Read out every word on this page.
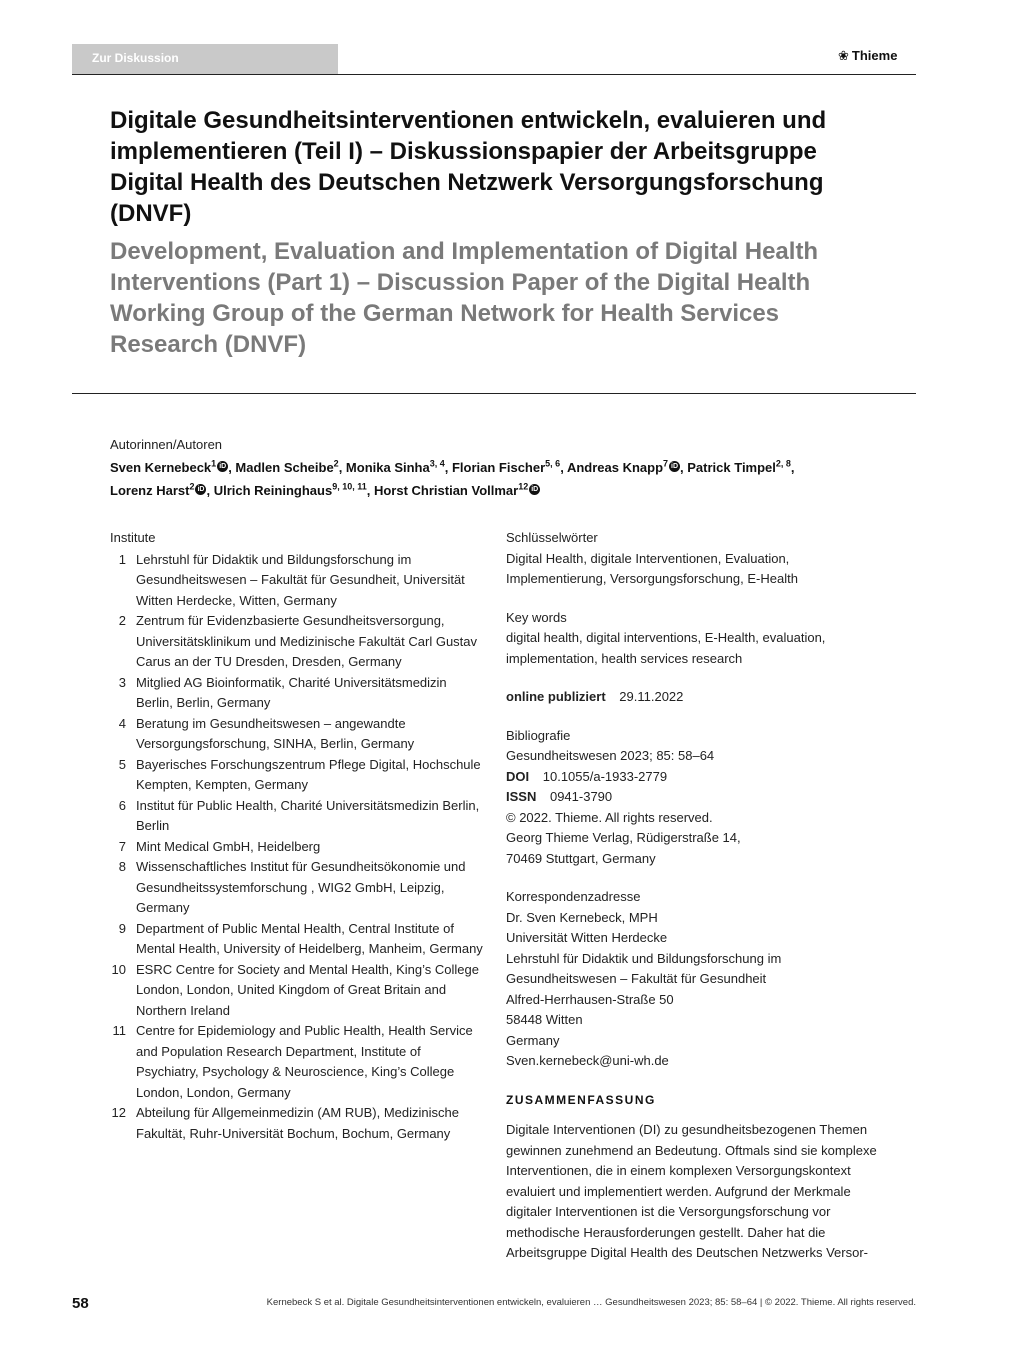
Zur Diskussion	❀ Thieme
Digitale Gesundheitsinterventionen entwickeln, evaluieren und implementieren (Teil I) – Diskussionspapier der Arbeitsgruppe Digital Health des Deutschen Netzwerk Versorgungsforschung (DNVF)
Development, Evaluation and Implementation of Digital Health Interventions (Part 1) – Discussion Paper of the Digital Health Working Group of the German Network for Health Services Research (DNVF)
Autorinnen/Autoren
Sven Kernebeck$^1$ iD , Madlen Scheibe$^2$, Monika Sinha$^{3, 4}$, Florian Fischer$^{5, 6}$, Andreas Knapp$^7$ iD , Patrick Timpel$^{2, 8}$,
Lorenz Harst$^2$ iD , Ulrich Reininghaus$^{9, 10, 11}$, Horst Christian Vollmar$^{12}$ iD
Institute
1 Lehrstuhl für Didaktik und Bildungsforschung im Gesundheitswesen – Fakultät für Gesundheit, Universität Witten Herdecke, Witten, Germany
2 Zentrum für Evidenzbasierte Gesundheitsversorgung, Universitätsklinikum und Medizinische Fakultät Carl Gustav Carus an der TU Dresden, Dresden, Germany
3 Mitglied AG Bioinformatik, Charité Universitätsmedizin Berlin, Berlin, Germany
4 Beratung im Gesundheitswesen – angewandte Versorgungsforschung, SINHA, Berlin, Germany
5 Bayerisches Forschungszentrum Pflege Digital, Hochschule Kempten, Kempten, Germany
6 Institut für Public Health, Charité Universitätsmedizin Berlin, Berlin
7 Mint Medical GmbH, Heidelberg
8 Wissenschaftliches Institut für Gesundheitsökonomie und Gesundheitssystemforschung , WIG2 GmbH, Leipzig, Germany
9 Department of Public Mental Health, Central Institute of Mental Health, University of Heidelberg, Manheim, Germany
10 ESRC Centre for Society and Mental Health, King’s College London, London, United Kingdom of Great Britain and Northern Ireland
11 Centre for Epidemiology and Public Health, Health Service and Population Research Department, Institute of Psychiatry, Psychology & Neuroscience, King’s College London, London, Germany
12 Abteilung für Allgemeinmedizin (AM RUB), Medizinische Fakultät, Ruhr-Universität Bochum, Bochum, Germany
Schlüsselwörter
Digital Health, digitale Interventionen, Evaluation, Implementierung, Versorgungsforschung, E-Health
Key words
digital health, digital interventions, E-Health, evaluation, implementation, health services research
online publiziert 29.11.2022
Bibliografie
Gesundheitswesen 2023; 85: 58–64
DOI 10.1055/a-1933-2779
ISSN 0941-3790
© 2022. Thieme. All rights reserved.
Georg Thieme Verlag, Rüdigerstraße 14,
70469 Stuttgart, Germany
Korrespondenzadresse
Dr. Sven Kernebeck, MPH
Universität Witten Herdecke
Lehrstuhl für Didaktik und Bildungsforschung im Gesundheitswesen – Fakultät für Gesundheit
Alfred-Herrhausen-Straße 50
58448 Witten
Germany
Sven.kernebeck@uni-wh.de
ZUSAMMENFASSUNG
Digitale Interventionen (DI) zu gesundheitsbezogenen Themen gewinnen zunehmend an Bedeutung. Oftmals sind sie komplexe Interventionen, die in einem komplexen Versorgungskontext evaluiert und implementiert werden. Aufgrund der Merkmale digitaler Interventionen ist die Versorgungsforschung vor methodische Herausforderungen gestellt. Daher hat die Arbeitsgruppe Digital Health des Deutschen Netzwerks Versor-
58	Kernebeck S et al. Digitale Gesundheitsinterventionen entwickeln, evaluieren … Gesundheitswesen 2023; 85: 58–64 | © 2022. Thieme. All rights reserved.
